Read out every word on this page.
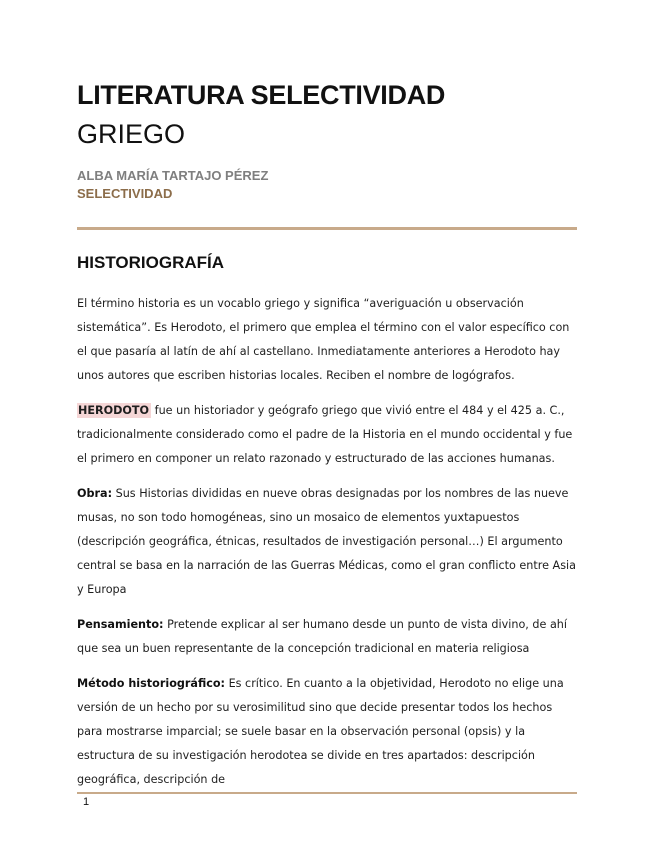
LITERATURA SELECTIVIDAD
GRIEGO
ALBA MARÍA TARTAJO PÉREZ
SELECTIVIDAD
HISTORIOGRAFÍA

El término historia es un vocablo griego y significa “averiguación u observación sistemática”. Es Herodoto, el primero que emplea el término con el valor específico con el que pasaría al latín de ahí al castellano. Inmediatamente anteriores a Herodoto hay unos autores que escriben historias locales. Reciben el nombre de logógrafos.

HERODOTO fue un historiador y geógrafo griego que vivió entre el 484 y el 425 a. C., tradicionalmente considerado como el padre de la Historia en el mundo occidental y fue el primero en componer un relato razonado y estructurado de las acciones humanas.

Obra: Sus Historias divididas en nueve obras designadas por los nombres de las nueve musas, no son todo homogéneas, sino un mosaico de elementos yuxtapuestos (descripción geográfica, étnicas, resultados de investigación personal…) El argumento central se basa en la narración de las Guerras Médicas, como el gran conflicto entre Asia y Europa

Pensamiento: Pretende explicar al ser humano desde un punto de vista divino, de ahí que sea un buen representante de la concepción tradicional en materia religiosa

Método historiográfico: Es crítico. En cuanto a la objetividad, Herodoto no elige una versión de un hecho por su verosimilitud sino que decide presentar todos los hechos para mostrarse imparcial; se suele basar en la observación personal (opsis) y la estructura de su investigación herodotea se divide en tres apartados: descripción geográfica, descripción de

1
